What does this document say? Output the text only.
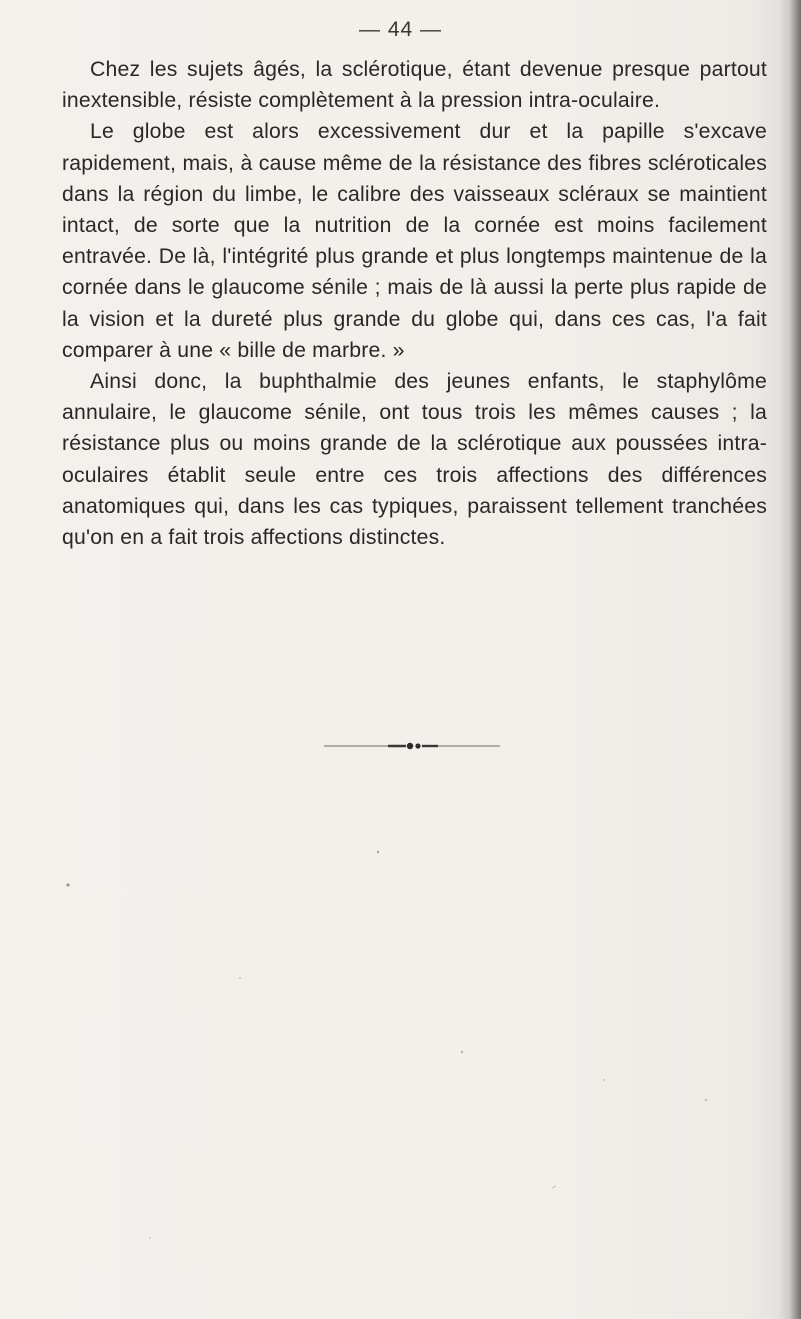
— 44 —

Chez les sujets âgés, la sclérotique, étant devenue presque partout inextensible, résiste complètement à la pression intra-oculaire.

Le globe est alors excessivement dur et la papille s'excave rapidement, mais, à cause même de la résistance des fibres scléroticales dans la région du limbe, le calibre des vaisseaux scléraux se maintient intact, de sorte que la nutrition de la cornée est moins facilement entravée. De là, l'intégrité plus grande et plus longtemps maintenue de la cornée dans le glaucome sénile ; mais de là aussi la perte plus rapide de la vision et la dureté plus grande du globe qui, dans ces cas, l'a fait comparer à une « bille de marbre. »

Ainsi donc, la buphthalmie des jeunes enfants, le staphylôme annulaire, le glaucome sénile, ont tous trois les mêmes causes ; la résistance plus ou moins grande de la sclérotique aux poussées intra-oculaires établit seule entre ces trois affections des différences anatomiques qui, dans les cas typiques, paraissent tellement tranchées qu'on en a fait trois affections distinctes.
